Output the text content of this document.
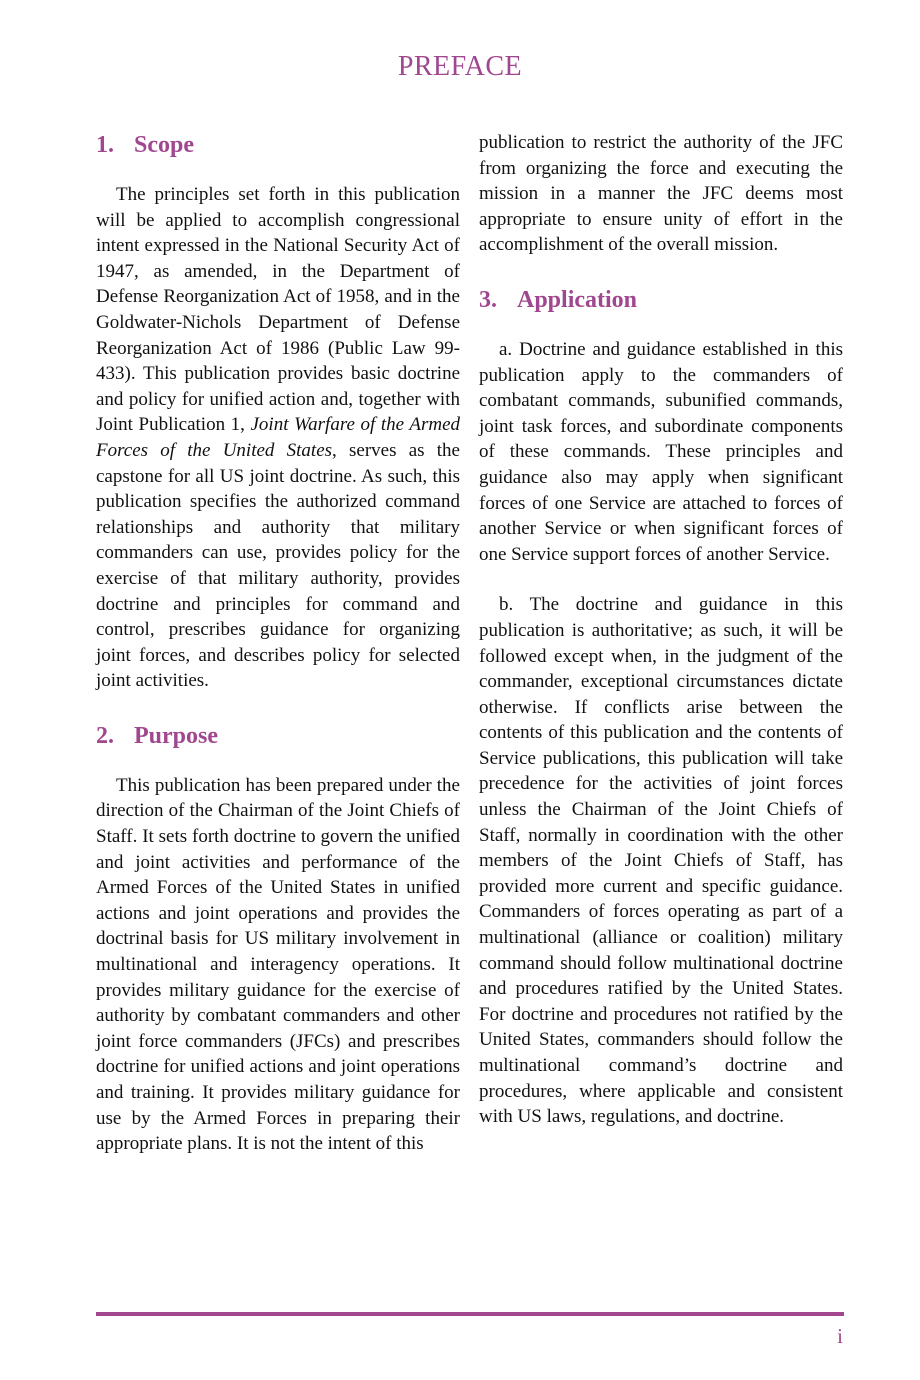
PREFACE
1. Scope

The principles set forth in this publication will be applied to accomplish congressional intent expressed in the National Security Act of 1947, as amended, in the Department of Defense Reorganization Act of 1958, and in the Goldwater-Nichols Department of Defense Reorganization Act of 1986 (Public Law 99-433). This publication provides basic doctrine and policy for unified action and, together with Joint Publication 1, Joint Warfare of the Armed Forces of the United States, serves as the capstone for all US joint doctrine. As such, this publication specifies the authorized command relationships and authority that military commanders can use, provides policy for the exercise of that military authority, provides doctrine and principles for command and control, prescribes guidance for organizing joint forces, and describes policy for selected joint activities.

2. Purpose

This publication has been prepared under the direction of the Chairman of the Joint Chiefs of Staff. It sets forth doctrine to govern the unified and joint activities and performance of the Armed Forces of the United States in unified actions and joint operations and provides the doctrinal basis for US military involvement in multinational and interagency operations. It provides military guidance for the exercise of authority by combatant commanders and other joint force commanders (JFCs) and prescribes doctrine for unified actions and joint operations and training. It provides military guidance for use by the Armed Forces in preparing their appropriate plans. It is not the intent of this

publication to restrict the authority of the JFC from organizing the force and executing the mission in a manner the JFC deems most appropriate to ensure unity of effort in the accomplishment of the overall mission.

3. Application

a. Doctrine and guidance established in this publication apply to the commanders of combatant commands, subunified commands, joint task forces, and subordinate components of these commands. These principles and guidance also may apply when significant forces of one Service are attached to forces of another Service or when significant forces of one Service support forces of another Service.

b. The doctrine and guidance in this publication is authoritative; as such, it will be followed except when, in the judgment of the commander, exceptional circumstances dictate otherwise. If conflicts arise between the contents of this publication and the contents of Service publications, this publication will take precedence for the activities of joint forces unless the Chairman of the Joint Chiefs of Staff, normally in coordination with the other members of the Joint Chiefs of Staff, has provided more current and specific guidance. Commanders of forces operating as part of a multinational (alliance or coalition) military command should follow multinational doctrine and procedures ratified by the United States. For doctrine and procedures not ratified by the United States, commanders should follow the multinational command’s doctrine and procedures, where applicable and consistent with US laws, regulations, and doctrine.

i
